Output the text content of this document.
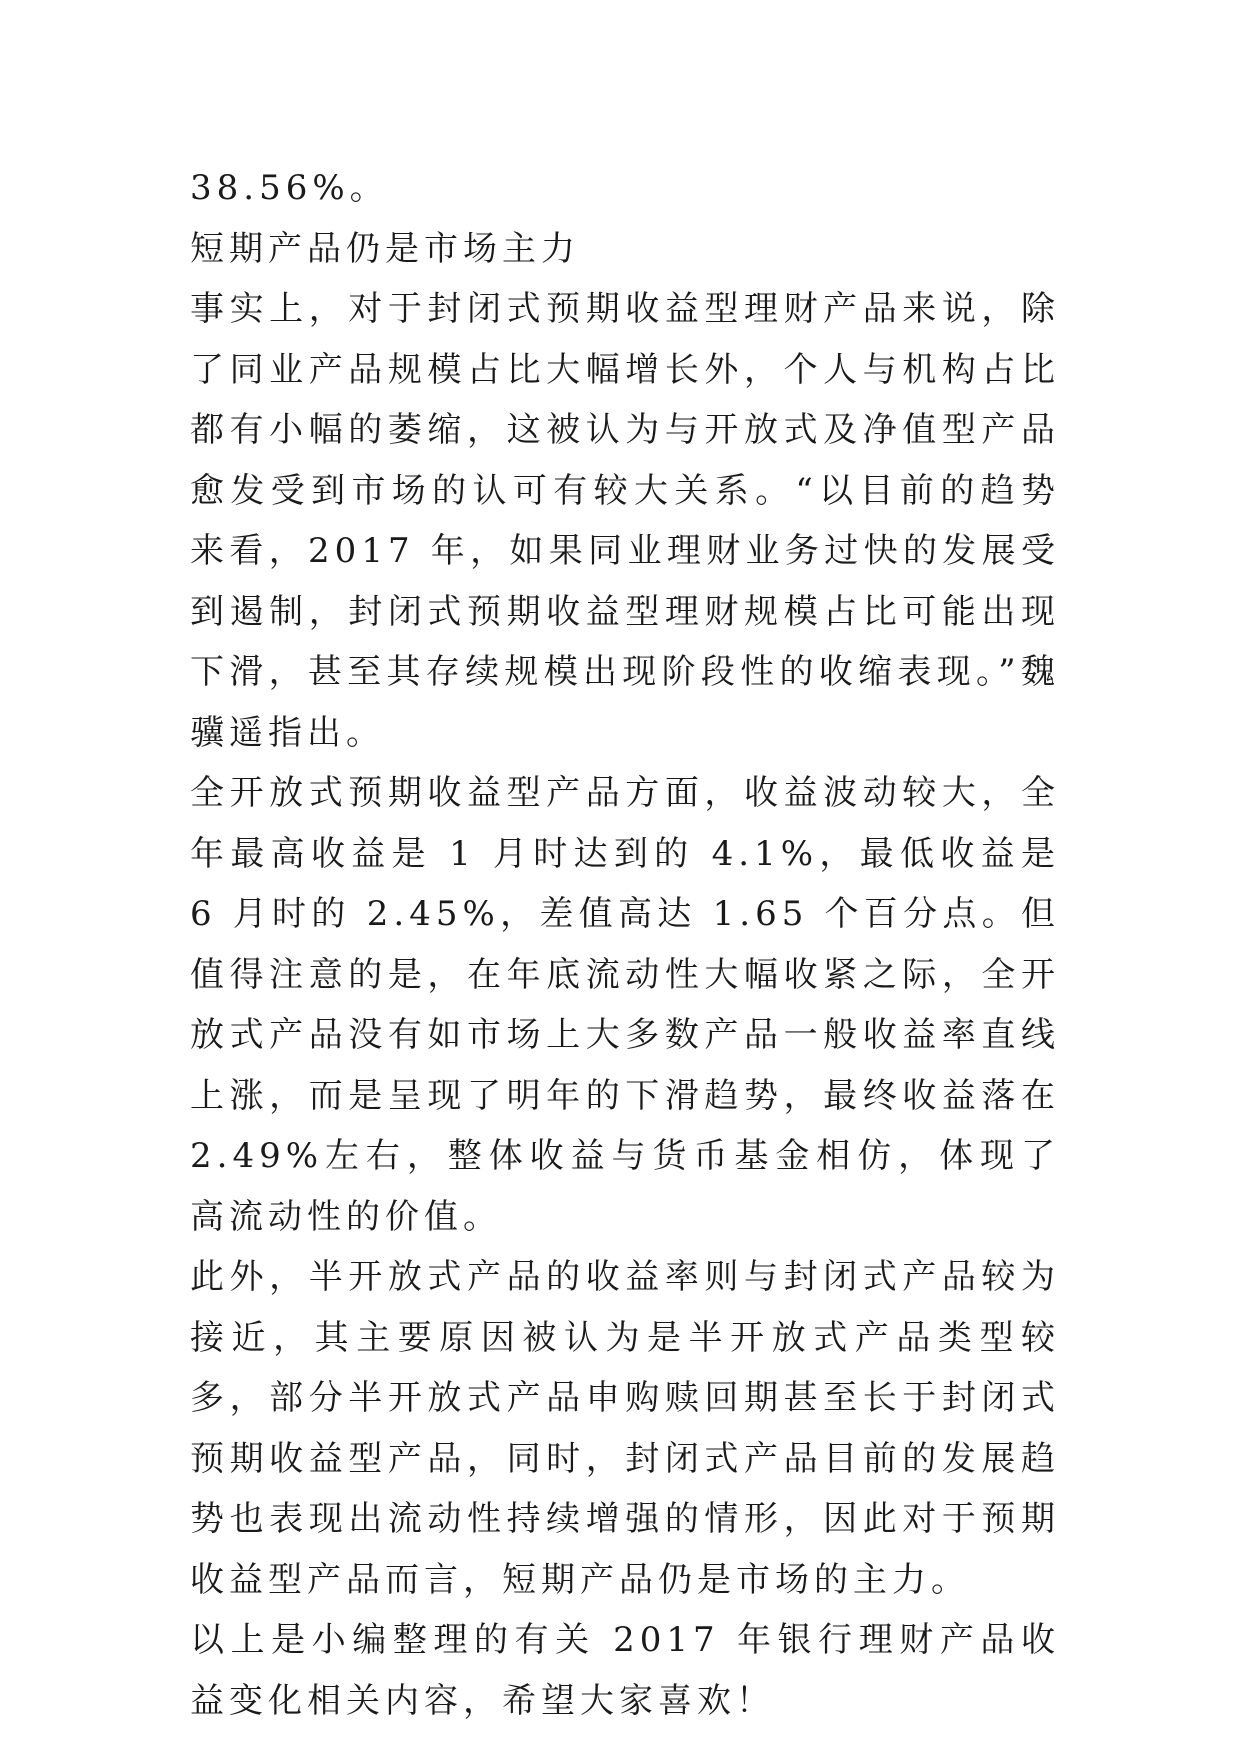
38.56%。

短期产品仍是市场主力

事实上，对于封闭式预期收益型理财产品来说，除了同业产品规模占比大幅增长外，个人与机构占比都有小幅的萎缩，这被认为与开放式及净值型产品愈发受到市场的认可有较大关系。“以目前的趋势来看，2017 年，如果同业理财业务过快的发展受到遏制，封闭式预期收益型理财规模占比可能出现下滑，甚至其存续规模出现阶段性的收缩表现。”魏骥遥指出。

全开放式预期收益型产品方面，收益波动较大，全年最高收益是 1 月时达到的 4.1%，最低收益是 6 月时的 2.45%，差值高达 1.65 个百分点。但值得注意的是，在年底流动性大幅收紧之际，全开放式产品没有如市场上大多数产品一般收益率直线上涨，而是呈现了明年的下滑趋势，最终收益落在 2.49%左右，整体收益与货币基金相仿，体现了高流动性的价值。

此外，半开放式产品的收益率则与封闭式产品较为接近，其主要原因被认为是半开放式产品类型较多，部分半开放式产品申购赎回期甚至长于封闭式预期收益型产品，同时，封闭式产品目前的发展趋势也表现出流动性持续增强的情形，因此对于预期收益型产品而言，短期产品仍是市场的主力。

以上是小编整理的有关 2017 年银行理财产品收益变化相关内容，希望大家喜欢！
